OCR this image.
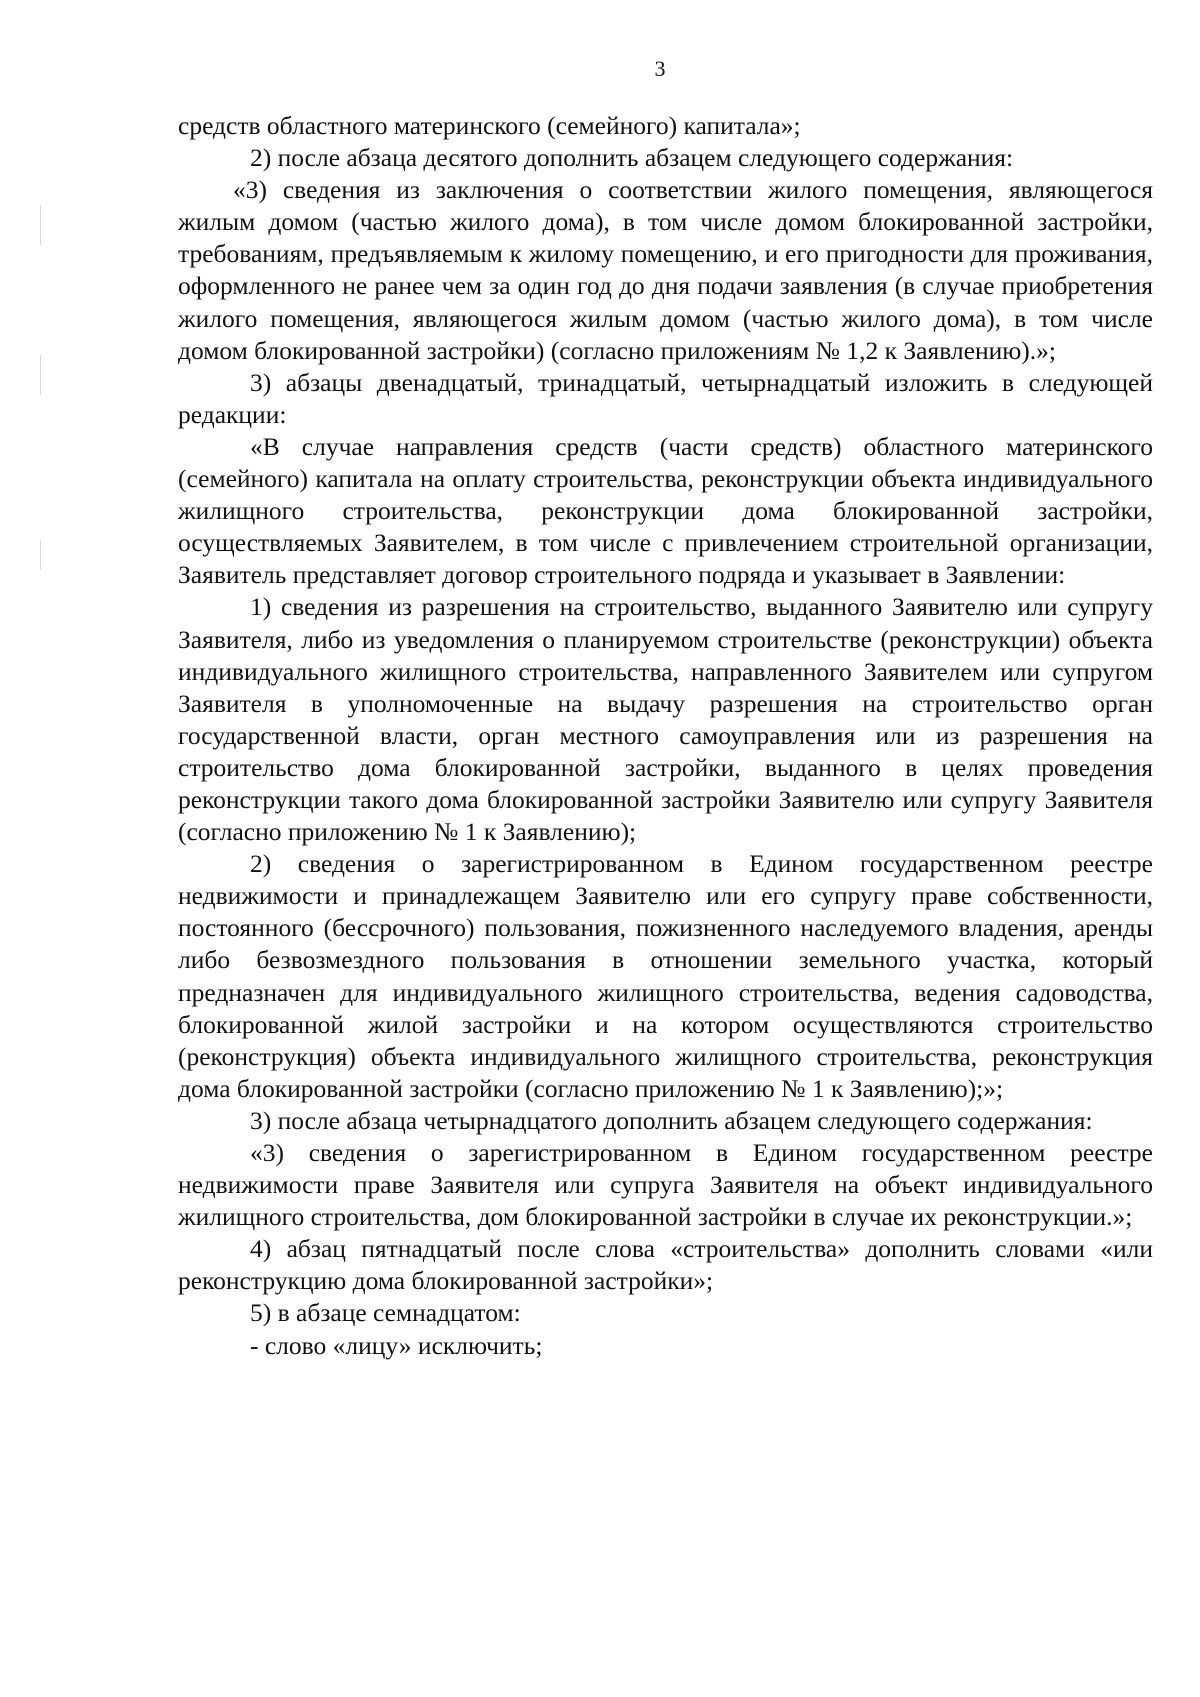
3

средств областного материнского (семейного) капитала»;

2) после абзаца десятого дополнить абзацем следующего содержания:

«3) сведения из заключения о соответствии жилого помещения, являющегося жилым домом (частью жилого дома), в том числе домом блокированной застройки, требованиям, предъявляемым к жилому помещению, и его пригодности для проживания, оформленного не ранее чем за один год до дня подачи заявления (в случае приобретения жилого помещения, являющегося жилым домом (частью жилого дома), в том числе домом блокированной застройки) (согласно приложениям № 1,2 к Заявлению).»;

3) абзацы двенадцатый, тринадцатый, четырнадцатый изложить в следующей редакции:

«В случае направления средств (части средств) областного материнского (семейного) капитала на оплату строительства, реконструкции объекта индивидуального жилищного строительства, реконструкции дома блокированной застройки, осуществляемых Заявителем, в том числе с привлечением строительной организации, Заявитель представляет договор строительного подряда и указывает в Заявлении:

1) сведения из разрешения на строительство, выданного Заявителю или супругу Заявителя, либо из уведомления о планируемом строительстве (реконструкции) объекта индивидуального жилищного строительства, направленного Заявителем или супругом Заявителя в уполномоченные на выдачу разрешения на строительство орган государственной власти, орган местного самоуправления или из разрешения на строительство дома блокированной застройки, выданного в целях проведения реконструкции такого дома блокированной застройки Заявителю или супругу Заявителя (согласно приложению № 1 к Заявлению);

2) сведения о зарегистрированном в Едином государственном реестре недвижимости и принадлежащем Заявителю или его супругу праве собственности, постоянного (бессрочного) пользования, пожизненного наследуемого владения, аренды либо безвозмездного пользования в отношении земельного участка, который предназначен для индивидуального жилищного строительства, ведения садоводства, блокированной жилой застройки и на котором осуществляются строительство (реконструкция) объекта индивидуального жилищного строительства, реконструкция дома блокированной застройки (согласно приложению № 1 к Заявлению);»;

3) после абзаца четырнадцатого дополнить абзацем следующего содержания:

«3) сведения о зарегистрированном в Едином государственном реестре недвижимости праве Заявителя или супруга Заявителя на объект индивидуального жилищного строительства, дом блокированной застройки в случае их реконструкции.»;

4) абзац пятнадцатый после слова «строительства» дополнить словами «или реконструкцию дома блокированной застройки»;

5) в абзаце семнадцатом:

- слово «лицу» исключить;
